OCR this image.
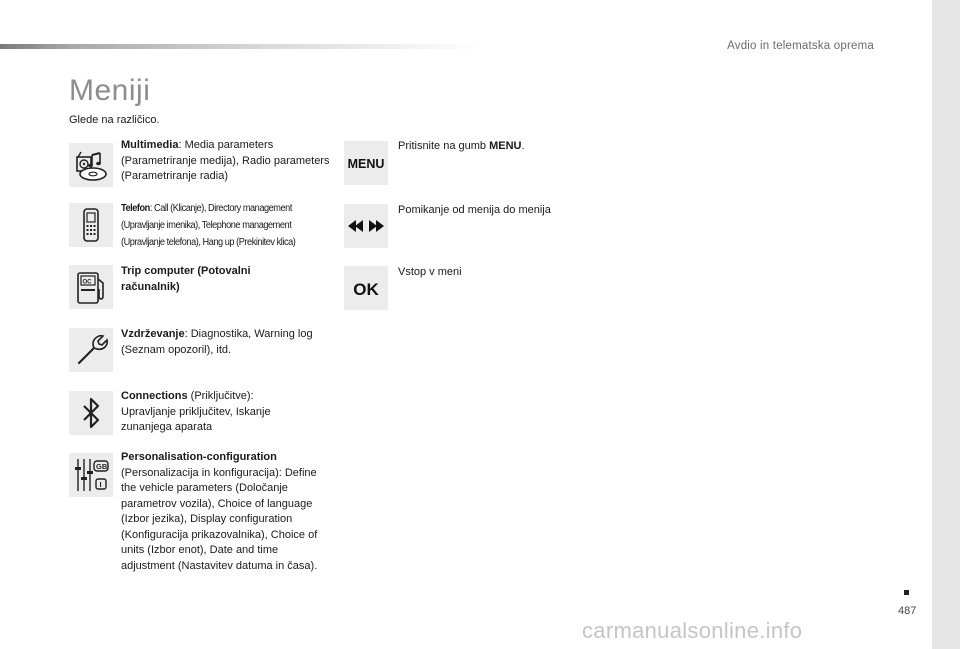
Avdio in telematska oprema
Meniji
Glede na različico.
Multimedia: Media parameters (Parametriranje medija), Radio parameters (Parametriranje radia)
Telefon: Call (Klicanje), Directory management (Upravljanje imenika), Telephone management (Upravljanje telefona), Hang up (Prekinitev klica)
OC
Trip computer (Potovalni računalnik)
Vzdrževanje: Diagnostika, Warning log (Seznam opozoril), itd.
Connections (Priključitve): Upravljanje priključitev, Iskanje zunanjega aparata
GB
I
Personalisation-configuration (Personalizacija in konfiguracija): Define the vehicle parameters (Določanje parametrov vozila), Choice of language (Izbor jezika), Display configuration (Konfiguracija prikazovalnika), Choice of units (Izbor enot), Date and time adjustment (Nastavitev datuma in časa).
MENU
Pritisnite na gumb MENU.
Pomikanje od menija do menija
OK
Vstop v meni
487
carmanualsonline.info
